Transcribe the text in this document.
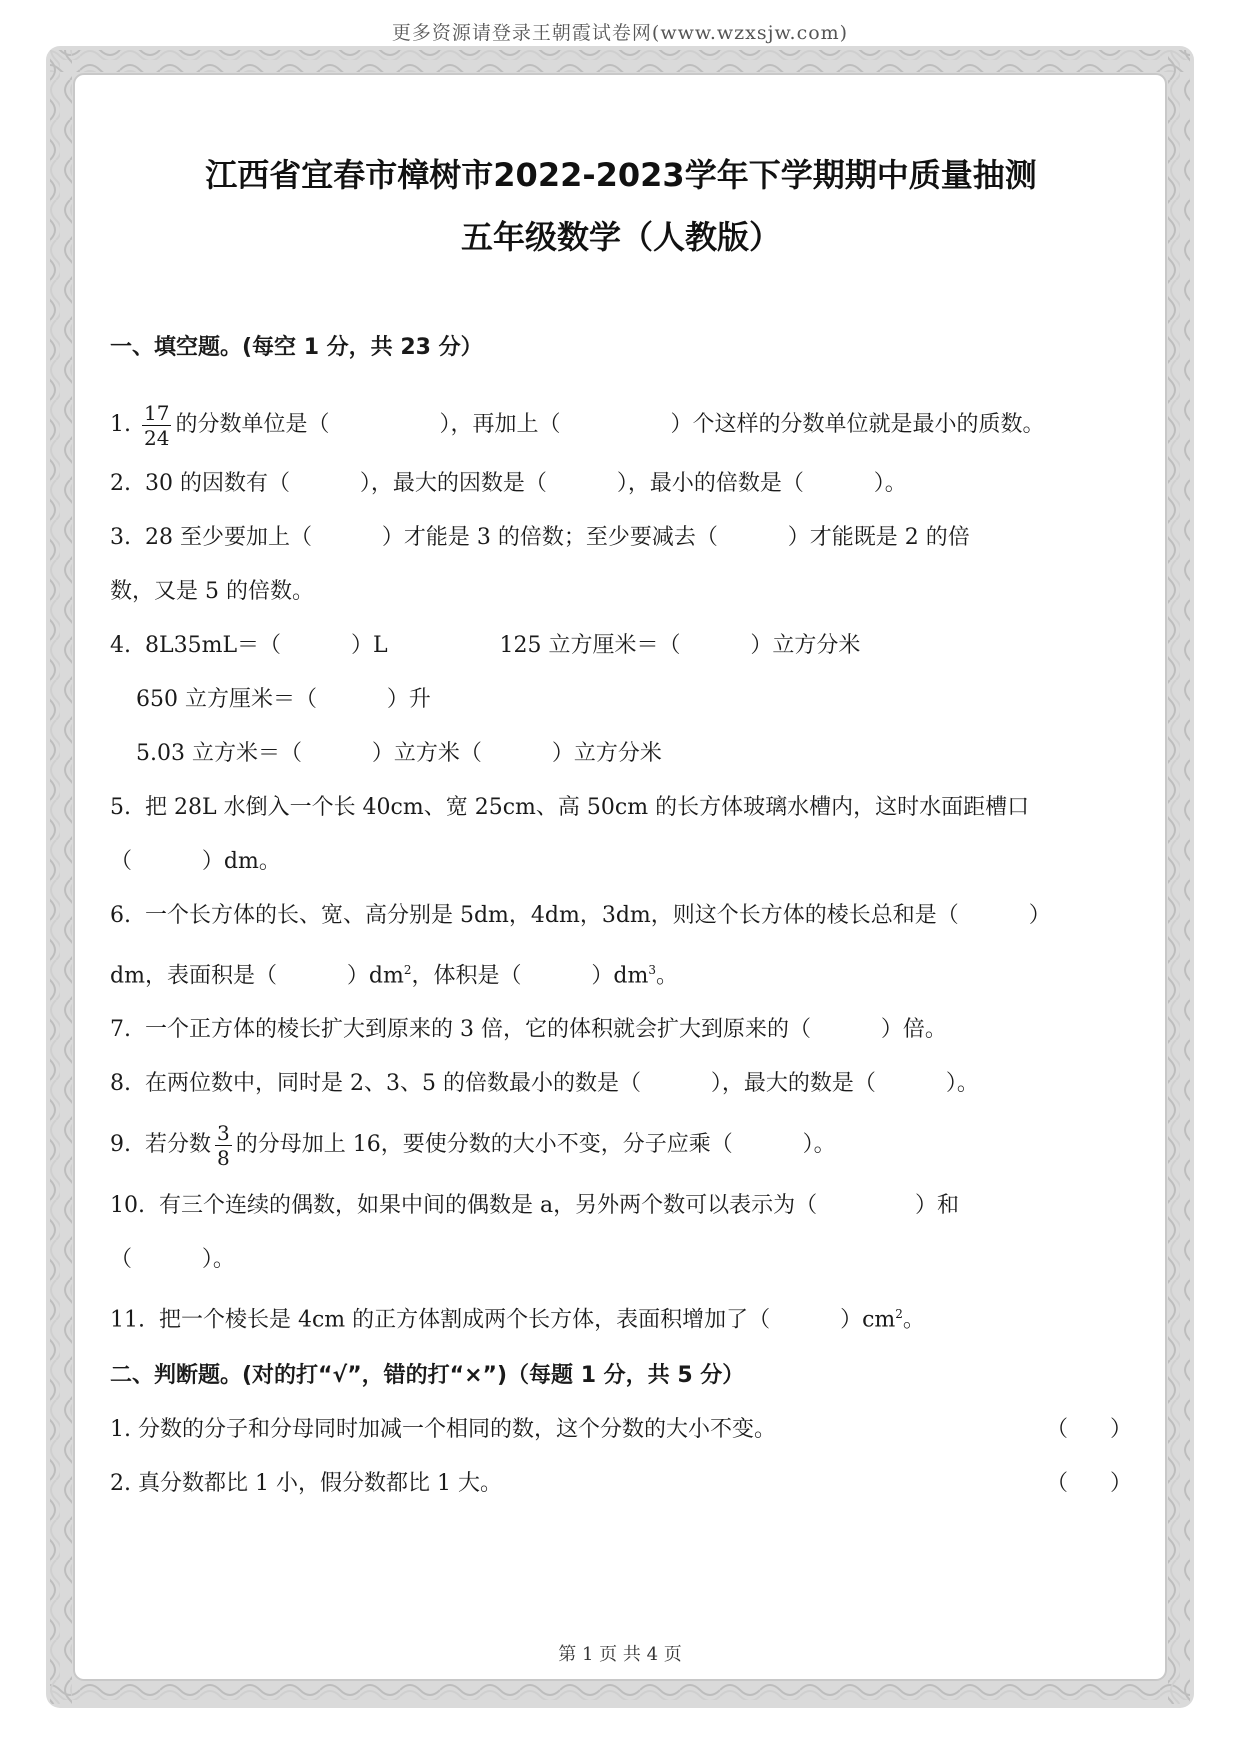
更多资源请登录王朝霞试卷网(www.wzxsjw.com)
江西省宜春市樟树市2022-2023学年下学期期中质量抽测
五年级数学（人教版）
一、填空题。(每空 1 分，共 23 分）
1. $\frac{17}{24}$ 的分数单位是（	），再加上（	）个这样的分数单位就是最小的质数。
2.  30 的因数有（          ），最大的因数是（          ），最小的倍数是（          ）。
3.  28 至少要加上（          ）才能是 3 的倍数；至少要减去（          ）才能既是 2 的倍
数，又是 5 的倍数。
4.  8L35mL＝（          ）L                125 立方厘米＝（          ）立方分米
650 立方厘米＝（          ）升
5.03 立方米＝（          ）立方米（          ）立方分米
5.  把 28L 水倒入一个长 40cm、宽 25cm、高 50cm 的长方体玻璃水槽内，这时水面距槽口
（          ）dm。
6.  一个长方体的长、宽、高分别是 5dm，4dm，3dm，则这个长方体的棱长总和是（          ）
dm，表面积是（          ）$dm^2$，体积是（          ）$dm^3$。
7.  一个正方体的棱长扩大到原来的 3 倍，它的体积就会扩大到原来的（          ）倍。
8.  在两位数中，同时是 2、3、5 的倍数最小的数是（          ），最大的数是（          ）。
9.  若分数 $\frac{3}{8}$ 的分母加上 16，要使分数的大小不变，分子应乘（          ）。
10.  有三个连续的偶数，如果中间的偶数是 a，另外两个数可以表示为（              ）和
（          ）。
11.  把一个棱长是 4cm 的正方体割成两个长方体，表面积增加了（          ）$cm^2$。
二、判断题。(对的打“√”，错的打“×”)（每题 1 分，共 5 分）
1. 分数的分子和分母同时加减一个相同的数，这个分数的大小不变。	（      ）
2. 真分数都比 1 小，假分数都比 1 大。	（      ）
第 1 页 共 4 页
